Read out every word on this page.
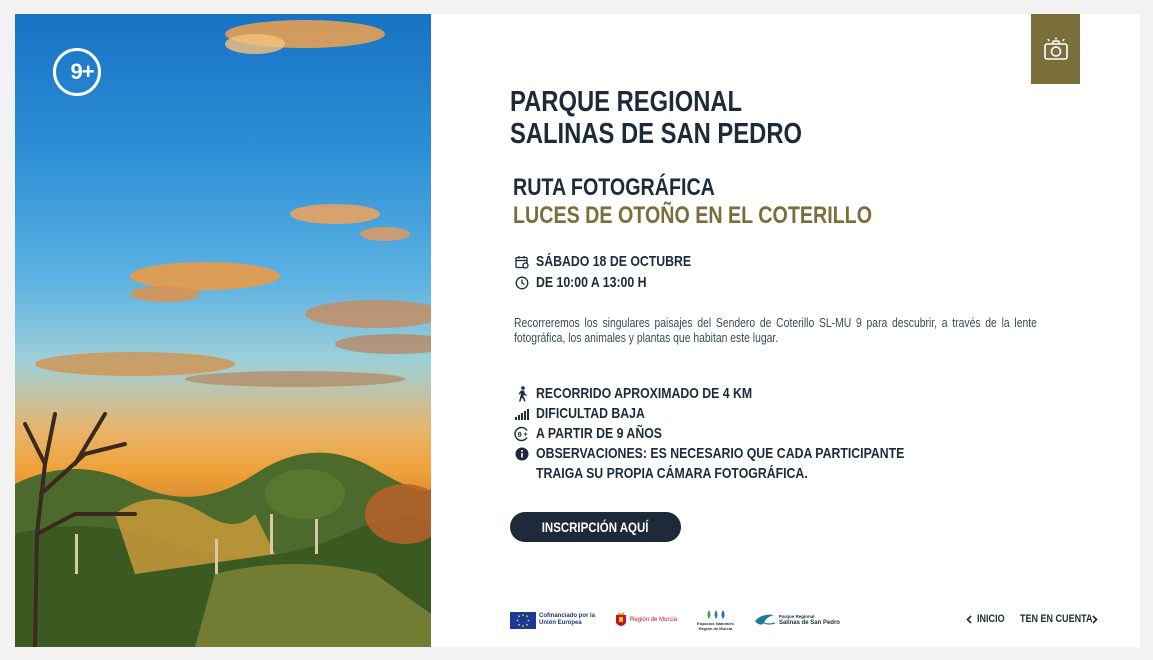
9+
PARQUE REGIONAL
SALINAS DE SAN PEDRO
RUTA FOTOGRÁFICA
LUCES DE OTOÑO EN EL COTERILLO
SÁBADO 18 DE OCTUBRE
DE 10:00 A 13:00 H

Recorreremos los singulares paisajes del Sendero de Coterillo SL-MU 9 para descubrir, a través de la lente fotográfica, los animales y plantas que habitan este lugar.

RECORRIDO APROXIMADO DE 4 KM
DIFICULTAD BAJA
9 + A PARTIR DE 9 AÑOS
OBSERVACIONES: ES NECESARIO QUE CADA PARTICIPANTE
TRAIGA SU PROPIA CÁMARA FOTOGRÁFICA.
INSCRIPCIÓN AQUÍ
Cofinanciado por la
Unión Europea
Región de Murcia
Espacios Naturales
Región de Murcia
Parque Regional
Salinas de San Pedro	INICIO TEN EN CUENTA
